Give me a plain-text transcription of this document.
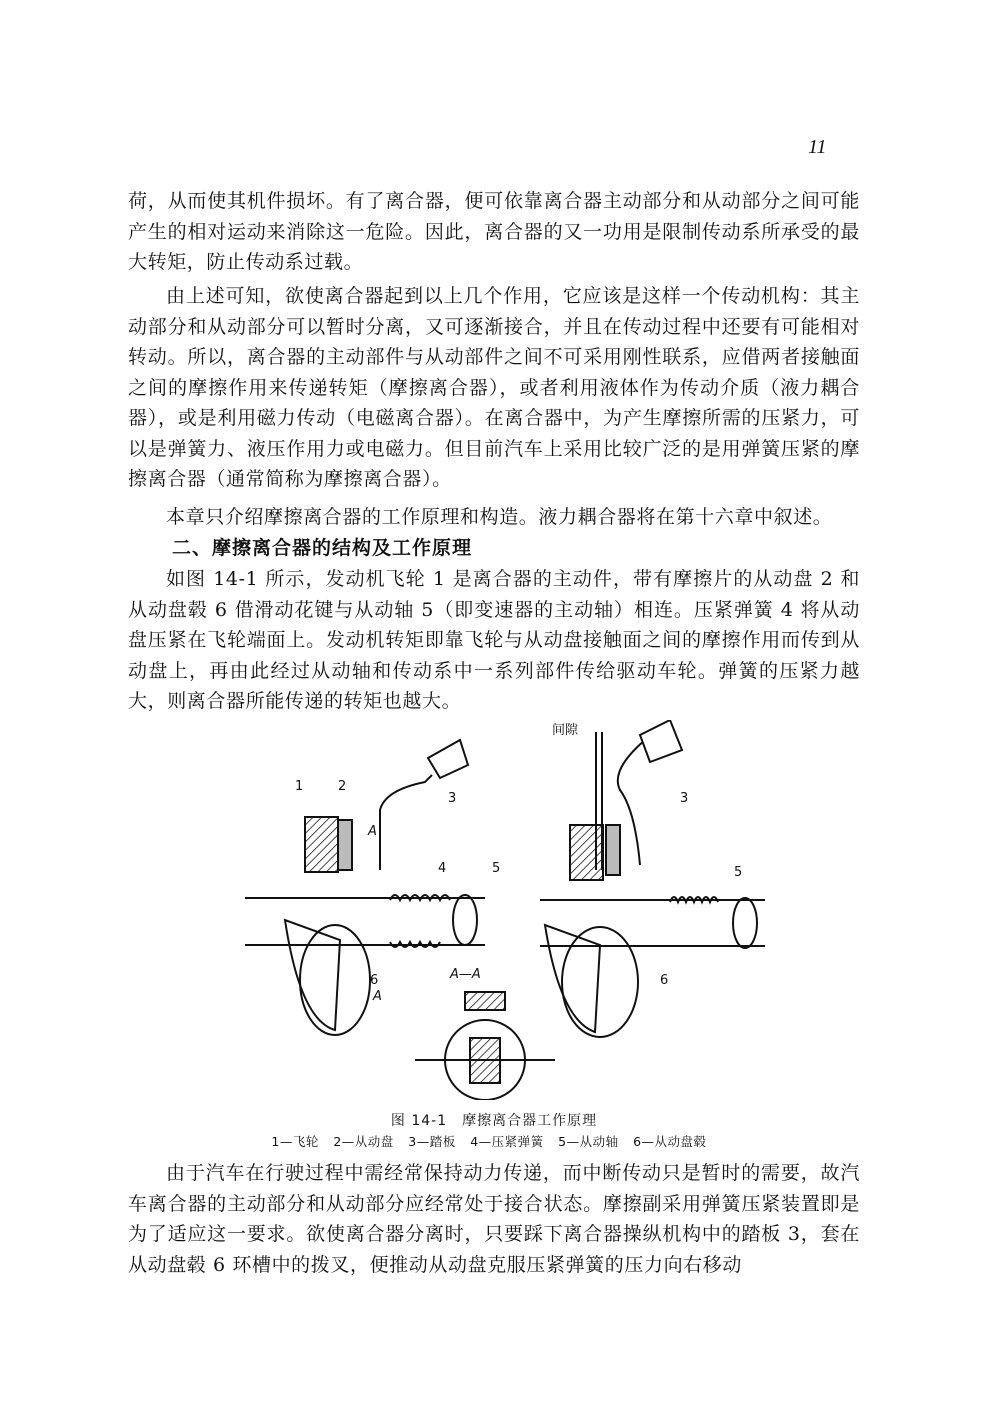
11

荷，从而使其机件损坏。有了离合器，便可依靠离合器主动部分和从动部分之间可能产生的相对运动来消除这一危险。因此，离合器的又一功用是限制传动系所承受的最大转矩，防止传动系过载。

由上述可知，欲使离合器起到以上几个作用，它应该是这样一个传动机构：其主动部分和从动部分可以暂时分离，又可逐渐接合，并且在传动过程中还要有可能相对转动。所以，离合器的主动部件与从动部件之间不可采用刚性联系，应借两者接触面之间的摩擦作用来传递转矩（摩擦离合器），或者利用液体作为传动介质（液力耦合器），或是利用磁力传动（电磁离合器）。在离合器中，为产生摩擦所需的压紧力，可以是弹簧力、液压作用力或电磁力。但目前汽车上采用比较广泛的是用弹簧压紧的摩擦离合器（通常简称为摩擦离合器）。

本章只介绍摩擦离合器的工作原理和构造。液力耦合器将在第十六章中叙述。

二、摩擦离合器的结构及工作原理

如图 14-1 所示，发动机飞轮 1 是离合器的主动件，带有摩擦片的从动盘 2 和从动盘毂 6 借滑动花键与从动轴 5（即变速器的主动轴）相连。压紧弹簧 4 将从动盘压紧在飞轮端面上。发动机转矩即靠飞轮与从动盘接触面之间的摩擦作用而传到从动盘上，再由此经过从动轴和传动系中一系列部件传给驱动车轮。弹簧的压紧力越大，则离合器所能传递的转矩也越大。

1	2
3
4	5
6
A
A
A—A
间隙
3
5
6

图 14-1　摩擦离合器工作原理

1—飞轮 2—从动盘 3—踏板 4—压紧弹簧 5—从动轴 6—从动盘毂

由于汽车在行驶过程中需经常保持动力传递，而中断传动只是暂时的需要，故汽车离合器的主动部分和从动部分应经常处于接合状态。摩擦副采用弹簧压紧装置即是为了适应这一要求。欲使离合器分离时，只要踩下离合器操纵机构中的踏板 3，套在从动盘毂 6 环槽中的拨叉，便推动从动盘克服压紧弹簧的压力向右移动
